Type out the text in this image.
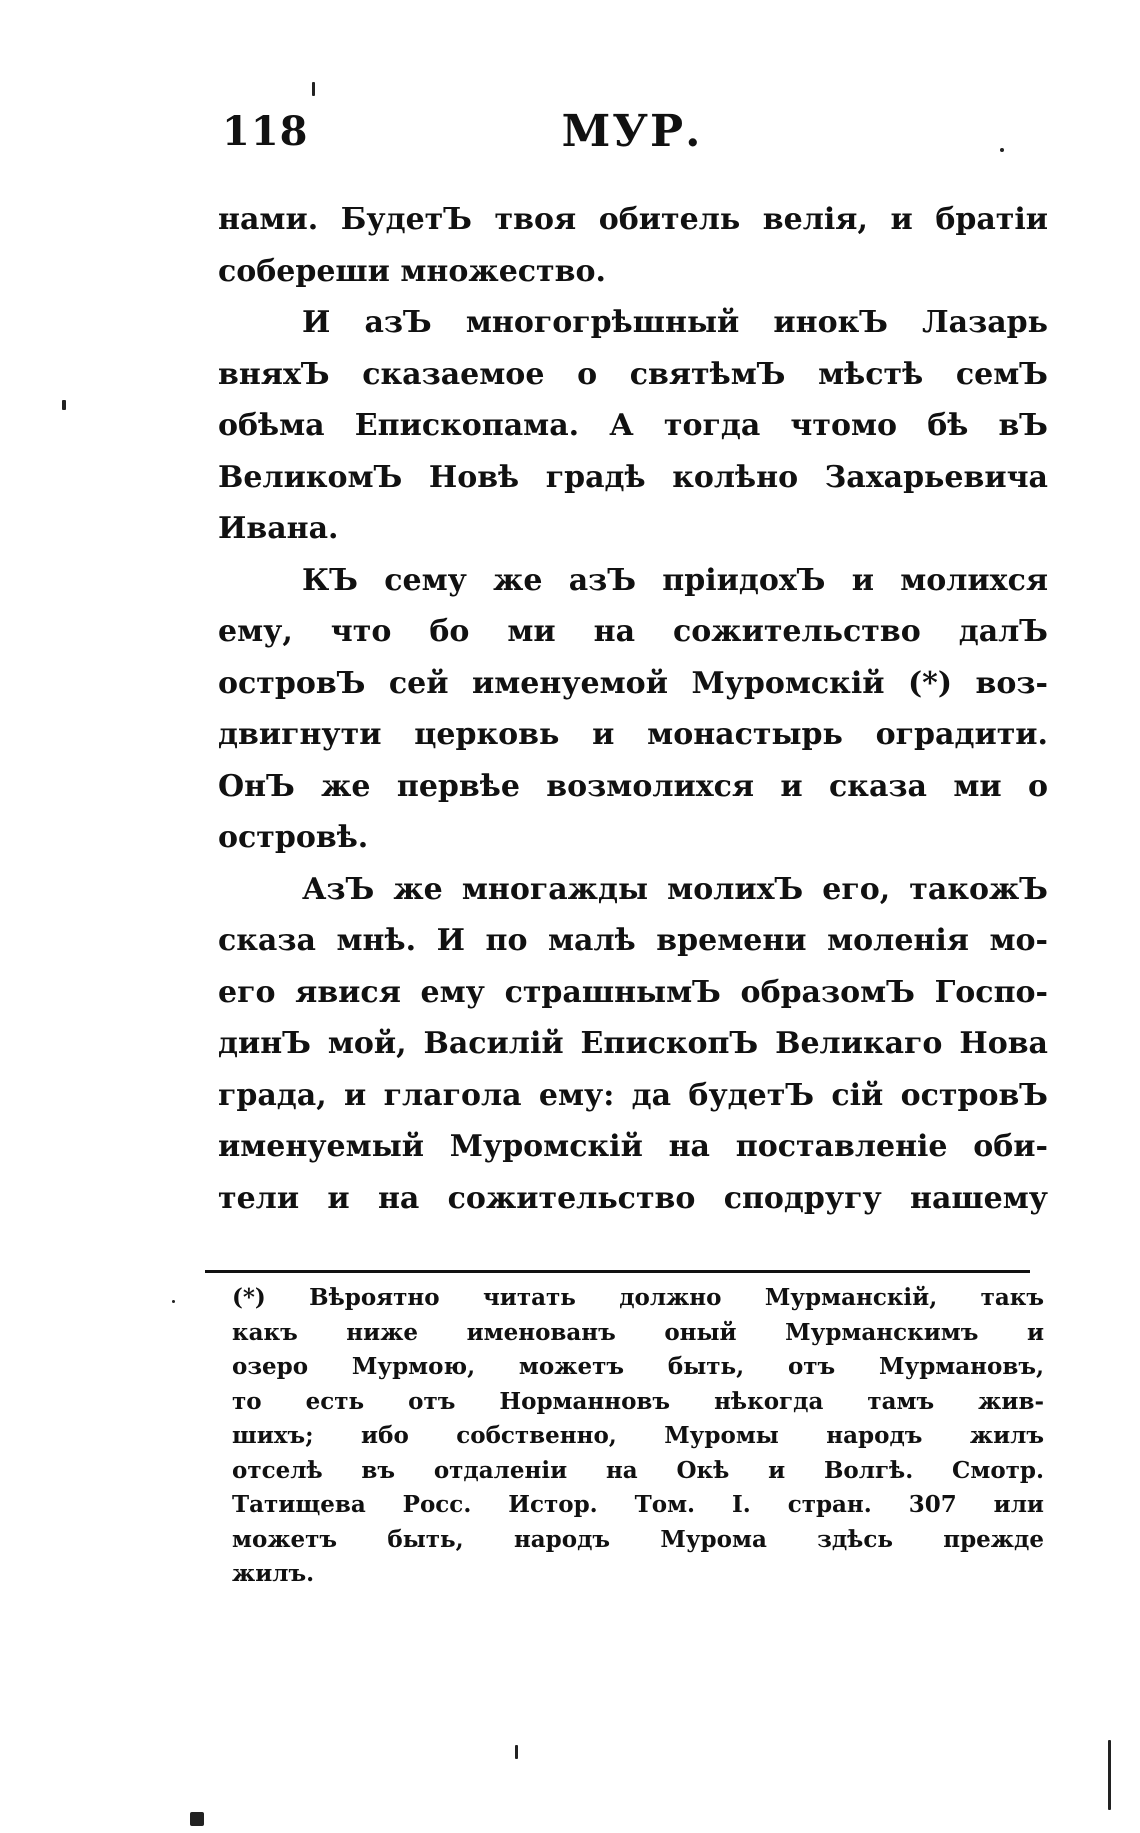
118	МУР.
нами. БудетЪ твоя обитель велія, и братіи
собереши множество.
И азЪ многогрѣшный инокЪ Лазарь
вняхЪ сказаемое о святѣмЪ мѣстѣ семЪ
обѣма Епископама. А тогда чтомо бѣ вЪ
ВеликомЪ Новѣ градѣ колѣно Захарьевича
Ивана.
КЪ сему же азЪ пріидохЪ и молихся
ему, что бо ми на сожительство далЪ
островЪ сей именуемой Муромскій (*) воз-
двигнути церковь и монастырь оградити.
ОнЪ же первѣе возмолихся и сказа ми о
островѣ.
АзЪ же многажды молихЪ его, такожЪ
сказа мнѣ. И по малѣ времени моленія мо-
его явися ему страшнымЪ образомЪ Госпо-
динЪ мой, Василій ЕпископЪ Великаго Нова
града, и глагола ему: да будетЪ сій островЪ
именуемый Муромскій на поставленіе оби-
тели и на сожительство сподругу нашему
(*) Вѣроятно читать должно Мурманскій, такъ
какъ ниже именованъ оный Мурманскимъ и
озеро Мурмою, можетъ быть, отъ Мурмановъ,
то есть отъ Норманновъ нѣкогда тамъ жив-
шихъ; ибо собственно, Муромы народъ жилъ
отселѣ въ отдаленіи на Окѣ и Волгѣ. Смотр.
Татищева Росс. Истор. Том. I. стран. 307 или
можетъ быть, народъ Мурома здѣсь прежде
жилъ.
